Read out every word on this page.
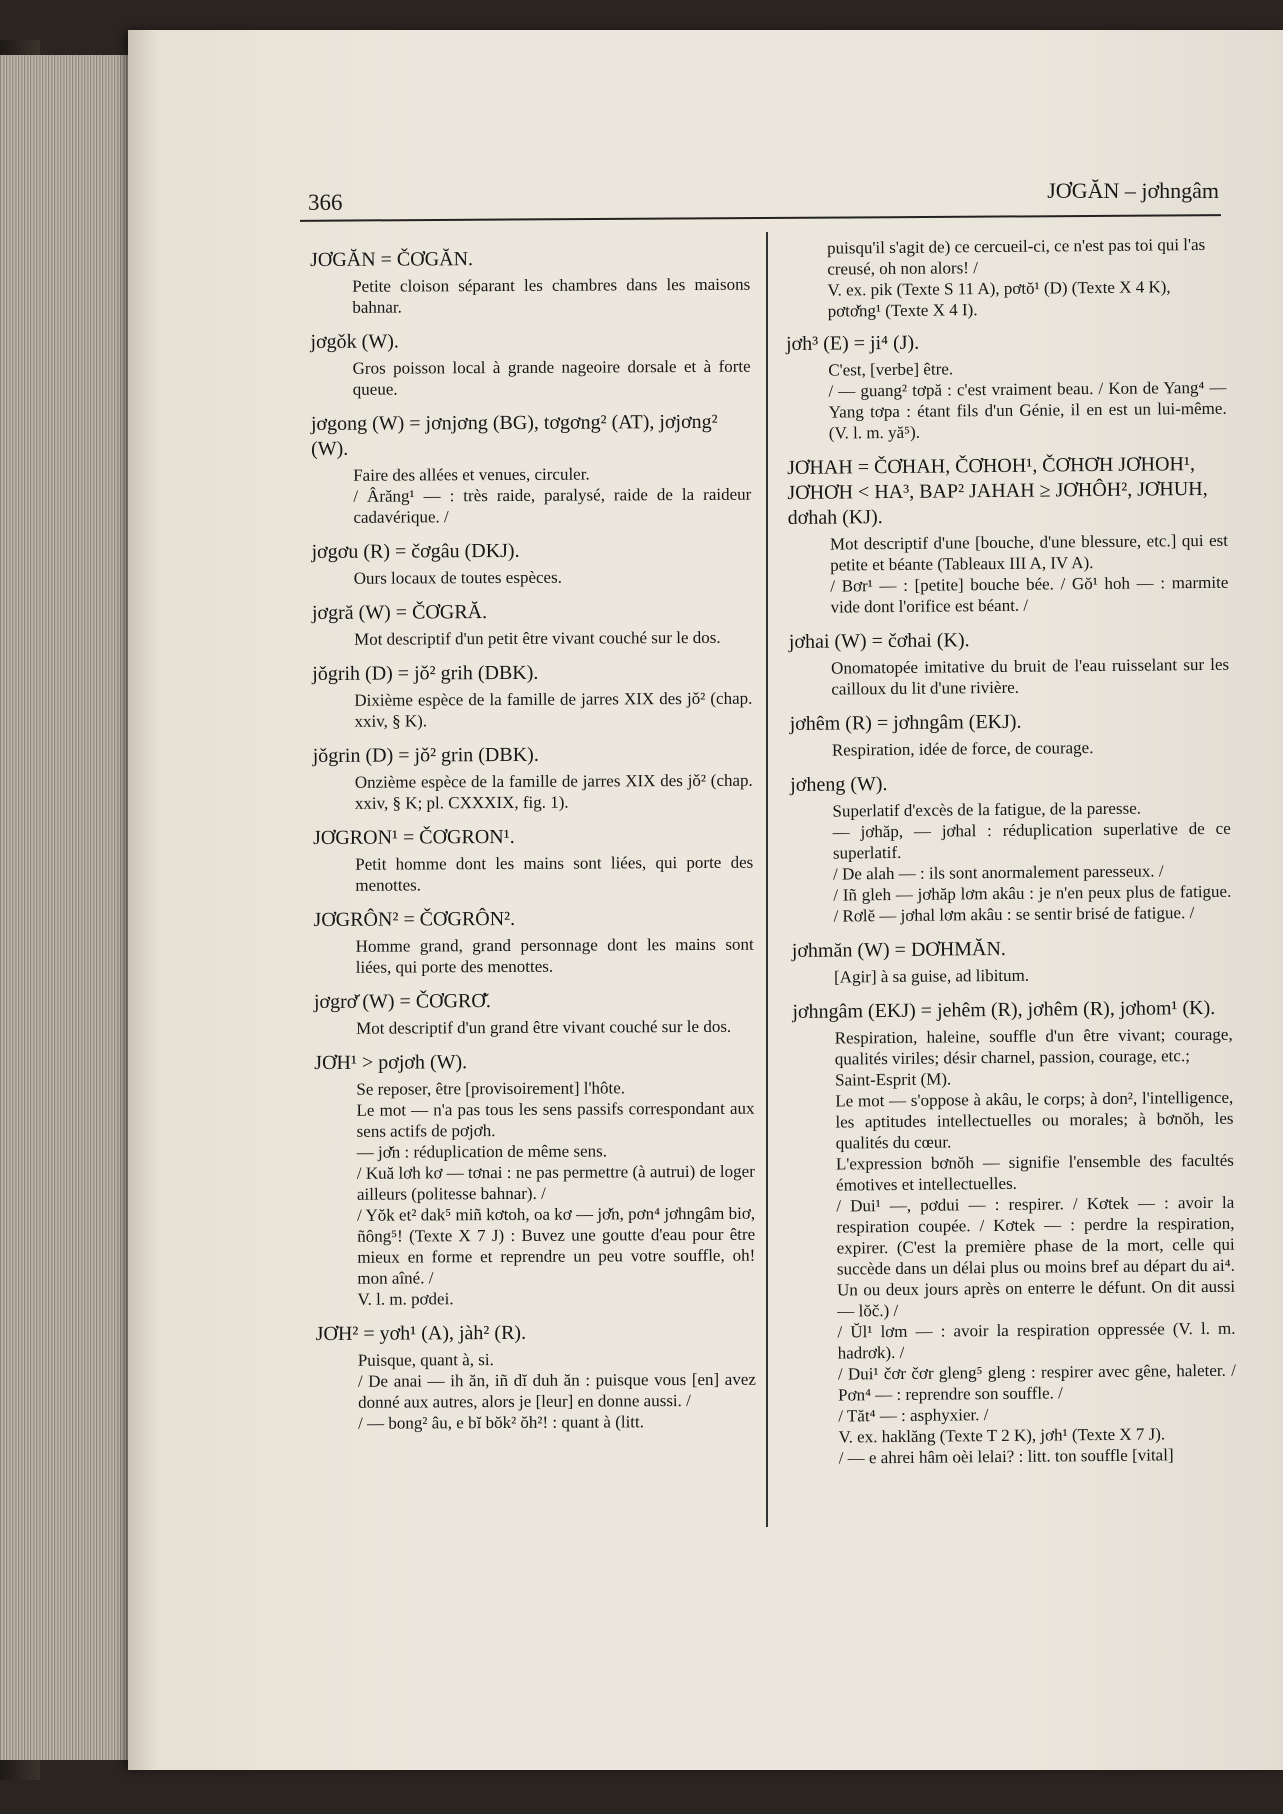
366	JƠGĂN – jơhngâm
JƠGĂN = ČƠGĂN.
Petite cloison séparant les chambres dans les maisons bahnar.
jơgǒk (W).
Gros poisson local à grande nageoire dorsale et à forte queue.
jơgong (W) = jơnjơng (BG), tơgơng² (AT), jơjơng² (W).
Faire des allées et venues, circuler.
/ Ârăng¹ — : très raide, paralysé, raide de la raideur cadavérique. /
jơgơu (R) = čơgâu (DKJ).
Ours locaux de toutes espèces.
jơgră (W) = ČƠGRĂ.
Mot descriptif d'un petit être vivant couché sur le dos.
jǒgrih (D) = jǒ² grih (DBK).
Dixième espèce de la famille de jarres XIX des jǒ² (chap. xxiv, § K).
jǒgrin (D) = jǒ² grin (DBK).
Onzième espèce de la famille de jarres XIX des jǒ² (chap. xxiv, § K; pl. CXXXIX, fig. 1).
JƠGRON¹ = ČƠGRON¹.
Petit homme dont les mains sont liées, qui porte des menottes.
JƠGRÔN² = ČƠGRÔN².
Homme grand, grand personnage dont les mains sont liées, qui porte des menottes.
jơgrơ̆ (W) = ČƠGRƠ̆.
Mot descriptif d'un grand être vivant couché sur le dos.
JƠH¹ > pơjơh (W).
Se reposer, être [provisoirement] l'hôte.
Le mot — n'a pas tous les sens passifs correspondant aux sens actifs de pơjơh.
— jơ̆n : réduplication de même sens.
/ Kuă lơh kơ — tơnai : ne pas permettre (à autrui) de loger ailleurs (politesse bahnar). /
/ Yŏk et² dak⁵ miñ kơtoh, oa kơ — jơ̆n, pơn⁴ jơhngâm biơ, ñông⁵! (Texte X 7 J) : Buvez une goutte d'eau pour être mieux en forme et reprendre un peu votre souffle, oh! mon aîné. /
V. l. m. pơdei.
JƠH² = yơh¹ (A), jàh² (R).
Puisque, quant à, si.
/ De anai — ih ăn, iñ dĭ duh ăn : puisque vous [en] avez donné aux autres, alors je [leur] en donne aussi. /
/ — bong² âu, e bĭ bŏk² ŏh²! : quant à (litt.
puisqu'il s'agit de) ce cercueil-ci, ce n'est pas toi qui l'as creusé, oh non alors! /
V. ex. pik (Texte S 11 A), pơtŏ¹ (D) (Texte X 4 K), pơtơ̆ng¹ (Texte X 4 I).
jơh³ (E) = ji⁴ (J).
C'est, [verbe] être.
/ — guang² tơpă : c'est vraiment beau. / Kon de Yang⁴ — Yang tơpa : étant fils d'un Génie, il en est un lui-même. (V. l. m. yă⁵).
JƠHAH = ČƠHAH, ČƠHOH¹, ČƠHƠH JƠHOH¹, JƠHƠH < HA³, BAP² JAHAH ≥ JƠHÔH², JƠHUH, dơhah (KJ).
Mot descriptif d'une [bouche, d'une blessure, etc.] qui est petite et béante (Tableaux III A, IV A).
/ Bơr¹ — : [petite] bouche bée. / Gŏ¹ hoh — : marmite vide dont l'orifice est béant. /
jơhai (W) = čơhai (K).
Onomatopée imitative du bruit de l'eau ruisselant sur les cailloux du lit d'une rivière.
jơhêm (R) = jơhngâm (EKJ).
Respiration, idée de force, de courage.
jơheng (W).
Superlatif d'excès de la fatigue, de la paresse.
— jơhăp, — jơhal : réduplication superlative de ce superlatif.
/ De alah — : ils sont anormalement paresseux. /
/ Iñ gleh — jơhăp lơm akâu : je n'en peux plus de fatigue. / Rơlĕ — jơhal lơm akâu : se sentir brisé de fatigue. /
jơhmăn (W) = DƠHMĂN.
[Agir] à sa guise, ad libitum.
jơhngâm (EKJ) = jehêm (R), jơhêm (R), jơhom¹ (K).
Respiration, haleine, souffle d'un être vivant; courage, qualités viriles; désir charnel, passion, courage, etc.;
Saint-Esprit (M).
Le mot — s'oppose à akâu, le corps; à don², l'intelligence, les aptitudes intellectuelles ou morales; à bơnŏh, les qualités du cœur.
L'expression bơnŏh — signifie l'ensemble des facultés émotives et intellectuelles.
/ Dui¹ —, pơdui — : respirer. / Kơtek — : avoir la respiration coupée. / Kơtek — : perdre la respiration, expirer. (C'est la première phase de la mort, celle qui succède dans un délai plus ou moins bref au départ du ai⁴. Un ou deux jours après on enterre le défunt. On dit aussi — lŏč.) /
/ Ŭl¹ lơm — : avoir la respiration oppressée (V. l. m. hadrơk). /
/ Dui¹ čơr čơr gleng⁵ gleng : respirer avec gêne, haleter. / Pơn⁴ — : reprendre son souffle. /
/ Tăt⁴ — : asphyxier. /
V. ex. haklăng (Texte T 2 K), jơh¹ (Texte X 7 J).
/ — e ahrei hâm oèi lelai? : litt. ton souffle [vital]
